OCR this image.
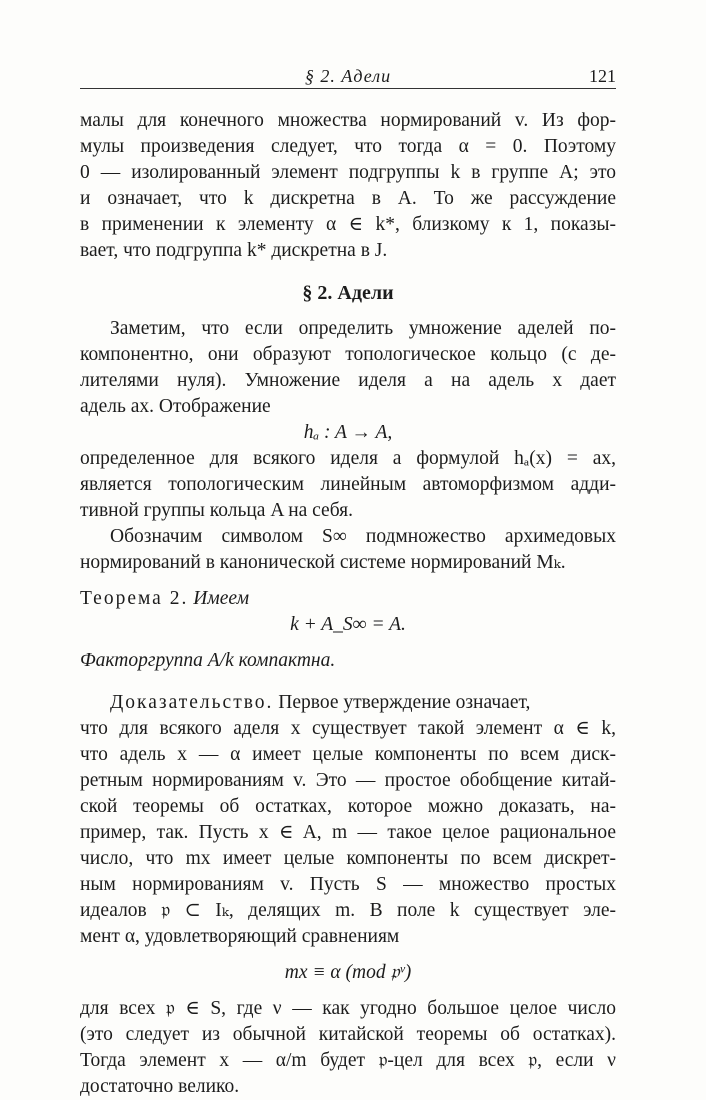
§ 2. Адели	121
малы для конечного множества нормирований v. Из фор-
мулы произведения следует, что тогда α = 0. Поэтому
0 — изолированный элемент подгруппы k в группе A; это
и означает, что k дискретна в A. То же рассуждение
в применении к элементу α ∈ k*, близкому к 1, показы-
вает, что подгруппа k* дискретна в J.
§ 2. Адели
Заметим, что если определить умножение аделей по-
компонентно, они образуют топологическое кольцо (с де-
лителями нуля). Умножение иделя a на адель x дает
адель ax. Отображение
hₐ : A → A,
определенное для всякого иделя a формулой hₐ(x) = ax,
является топологическим линейным автоморфизмом адди-
тивной группы кольца A на себя.
Обозначим символом S∞ подмножество архимедовых
нормирований в канонической системе нормирований Mₖ.
Теорема 2. Имеем
k + A_S∞ = A.
Факторгруппа A/k компактна.
Доказательство. Первое утверждение означает,
что для всякого аделя x существует такой элемент α ∈ k,
что адель x — α имеет целые компоненты по всем диск-
ретным нормированиям v. Это — простое обобщение китай-
ской теоремы об остатках, которое можно доказать, на-
пример, так. Пусть x ∈ A, m — такое целое рациональное
число, что mx имеет целые компоненты по всем дискрет-
ным нормированиям v. Пусть S — множество простых
идеалов 𝔭 ⊂ Iₖ, делящих m. В поле k существует эле-
мент α, удовлетворяющий сравнениям
mx ≡ α (mod 𝔭ᵛ)
для всех 𝔭 ∈ S, где ν — как угодно большое целое число
(это следует из обычной китайской теоремы об остатках).
Тогда элемент x — α/m будет 𝔭-цел для всех 𝔭, если ν
достаточно велико.
